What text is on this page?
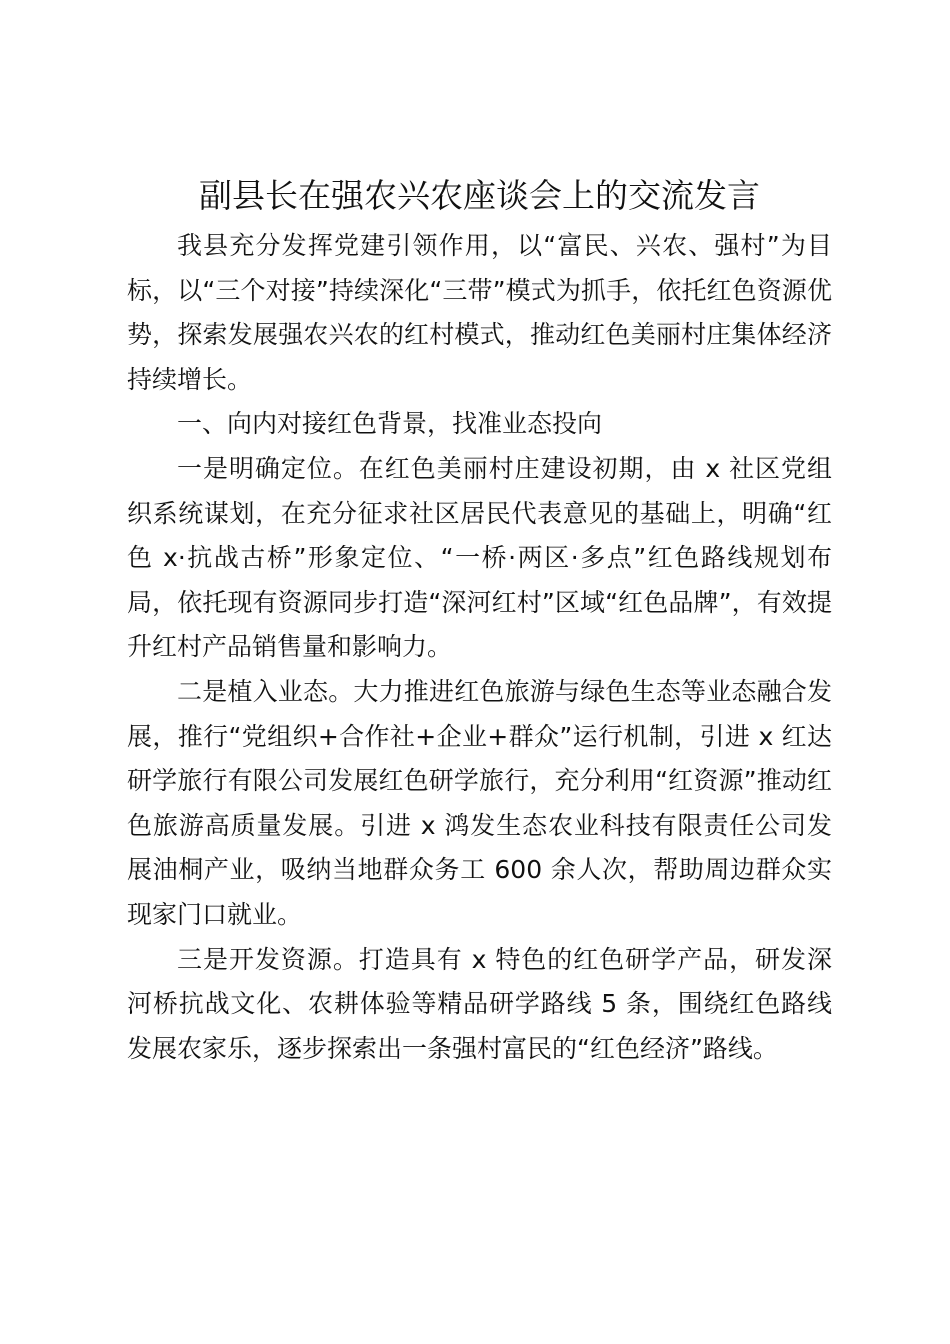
副县长在强农兴农座谈会上的交流发言

我县充分发挥党建引领作用，以“富民、兴农、强村”为目标，以“三个对接”持续深化“三带”模式为抓手，依托红色资源优势，探索发展强农兴农的红村模式，推动红色美丽村庄集体经济持续增长。

一、向内对接红色背景，找准业态投向

一是明确定位。在红色美丽村庄建设初期，由 x 社区党组织系统谋划，在充分征求社区居民代表意见的基础上，明确“红色 x·抗战古桥”形象定位、“一桥·两区·多点”红色路线规划布局，依托现有资源同步打造“深河红村”区域“红色品牌”，有效提升红村产品销售量和影响力。

二是植入业态。大力推进红色旅游与绿色生态等业态融合发展，推行“党组织+合作社+企业+群众”运行机制，引进 x 红达研学旅行有限公司发展红色研学旅行，充分利用“红资源”推动红色旅游高质量发展。引进 x 鸿发生态农业科技有限责任公司发展油桐产业，吸纳当地群众务工 600 余人次，帮助周边群众实现家门口就业。

三是开发资源。打造具有 x 特色的红色研学产品，研发深河桥抗战文化、农耕体验等精品研学路线 5 条，围绕红色路线发展农家乐，逐步探索出一条强村富民的“红色经济”路线。
